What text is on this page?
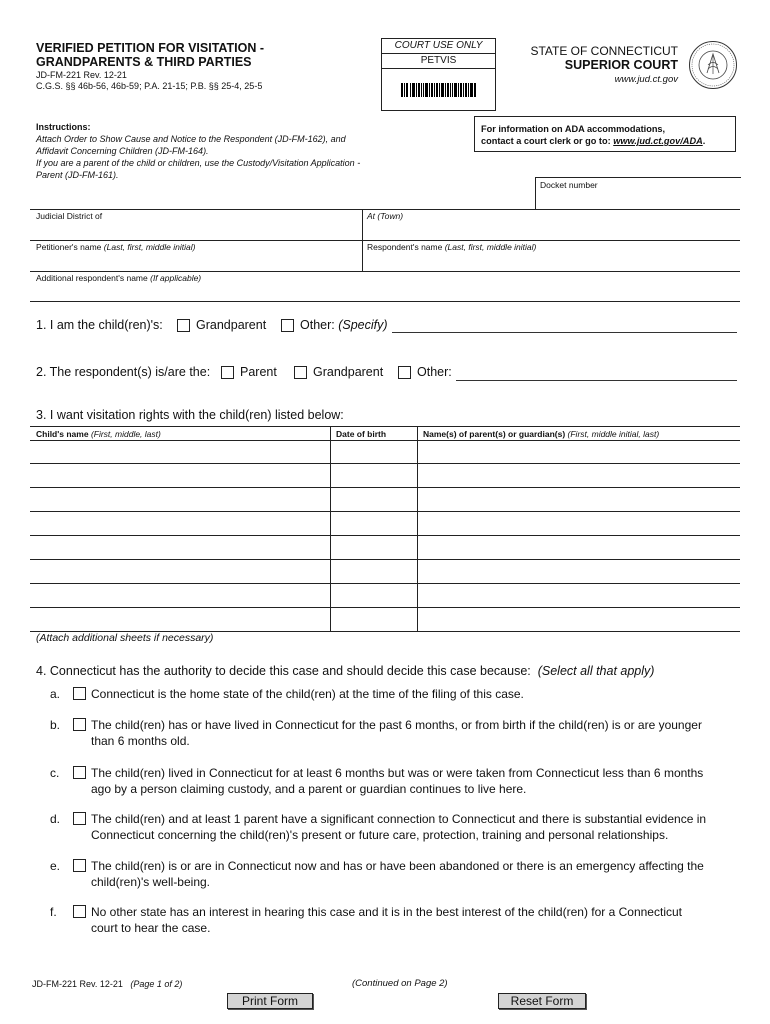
VERIFIED PETITION FOR VISITATION -
GRANDPARENTS & THIRD PARTIES
JD-FM-221 Rev. 12-21
C.G.S. §§ 46b-56, 46b-59; P.A. 21-15; P.B. §§ 25-4, 25-5
COURT USE ONLY
PETVIS
STATE OF CONNECTICUT
SUPERIOR COURT
www.jud.ct.gov
Instructions:
Attach Order to Show Cause and Notice to the Respondent (JD-FM-162), and
Affidavit Concerning Children (JD-FM-164).
If you are a parent of the child or children, use the Custody/Visitation Application -
Parent (JD-FM-161).
For information on ADA accommodations,
contact a court clerk or go to: www.jud.ct.gov/ADA.
Docket number
Judicial District of	At (Town)
Petitioner's name (Last, first, middle initial)	Respondent's name (Last, first, middle initial)
Additional respondent's name (If applicable)
1. I am the child(ren)'s:	Grandparent	Other: (Specify)
2. The respondent(s) is/are the: Parent	Grandparent	Other:
3. I want visitation rights with the child(ren) listed below:
Child's name (First, middle, last)	Date of birth	Name(s) of parent(s) or guardian(s) (First, middle initial, last)
(Attach additional sheets if necessary)
4. Connecticut has the authority to decide this case and should decide this case because: (Select all that apply)
a.	Connecticut is the home state of the child(ren) at the time of the filing of this case.
b.	The child(ren) has or have lived in Connecticut for the past 6 months, or from birth if the child(ren) is or are younger
than 6 months old.
c.	The child(ren) lived in Connecticut for at least 6 months but was or were taken from Connecticut less than 6 months
ago by a person claiming custody, and a parent or guardian continues to live here.
d.	The child(ren) and at least 1 parent have a significant connection to Connecticut and there is substantial evidence in
Connecticut concerning the child(ren)'s present or future care, protection, training and personal relationships.
e.	The child(ren) is or are in Connecticut now and has or have been abandoned or there is an emergency affecting the
child(ren)'s well-being.
f.	No other state has an interest in hearing this case and it is in the best interest of the child(ren) for a Connecticut
court to hear the case.
JD-FM-221 Rev. 12-21 (Page 1 of 2)	(Continued on Page 2)
Print Form	Reset Form
